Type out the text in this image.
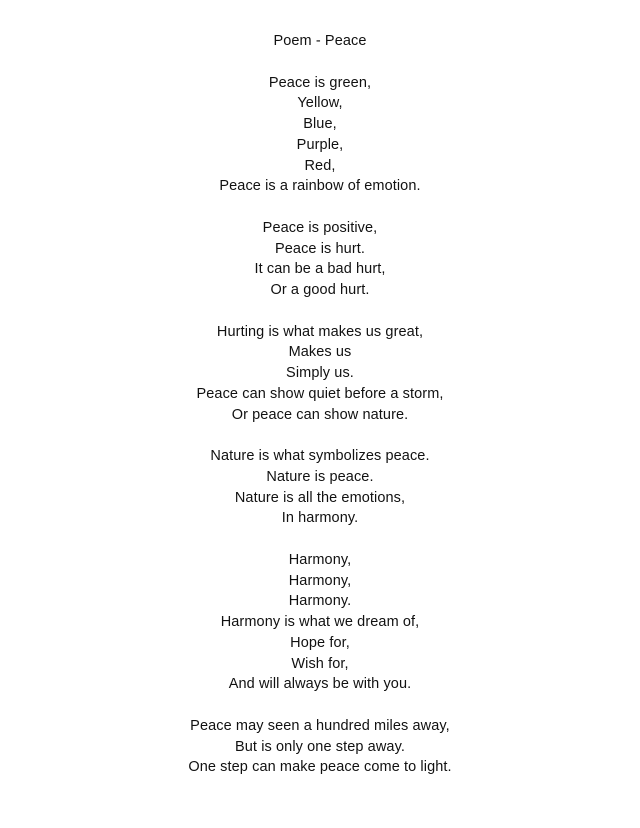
Poem - Peace
Peace is green,
Yellow,
Blue,
Purple,
Red,
Peace is a rainbow of emotion.
Peace is positive,
Peace is hurt.
It can be a bad hurt,
Or a good hurt.
Hurting is what makes us great,
Makes us
Simply us.
Peace can show quiet before a storm,
Or peace can show nature.
Nature is what symbolizes peace.
Nature is peace.
Nature is all the emotions,
In harmony.
Harmony,
Harmony,
Harmony.
Harmony is what we dream of,
Hope for,
Wish for,
And will always be with you.
Peace may seen a hundred miles away,
But is only one step away.
One step can make peace come to light.
